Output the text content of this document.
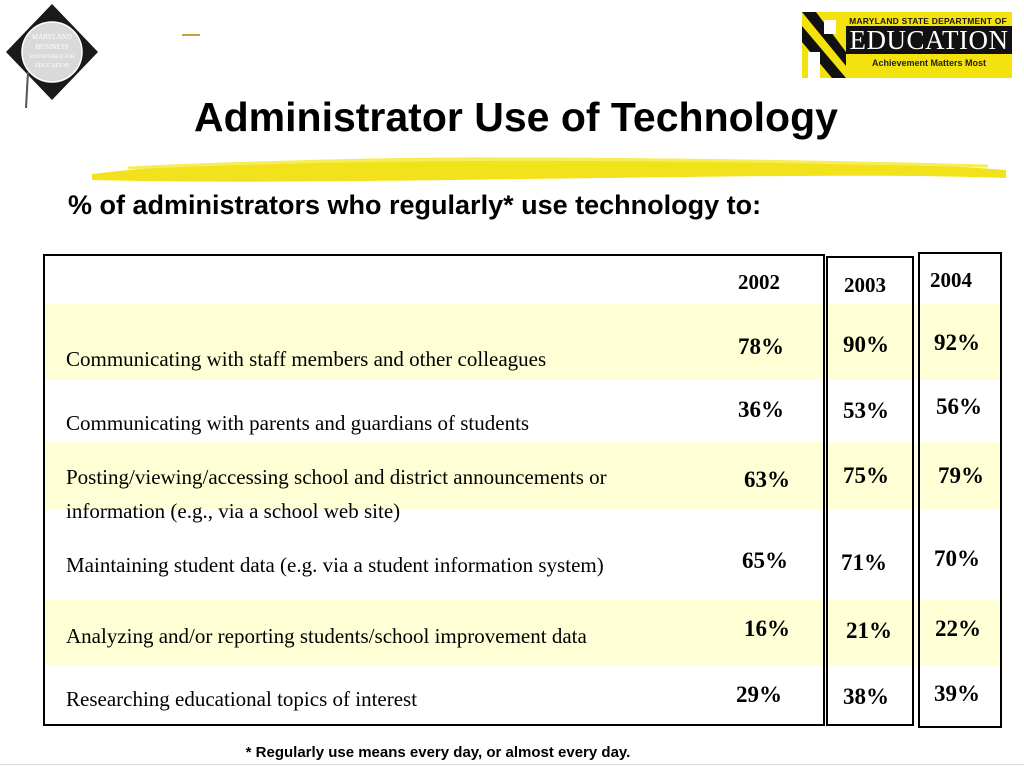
MARYLAND
BUSINESS
ROUNDTABLE FOR
EDUCATION
MARYLAND STATE DEPARTMENT OF
EDUCATION
Achievement Matters Most
Administrator Use of Technology
% of administrators who regularly* use technology to:
2002	2003 2004
Communicating with staff members and other colleagues
Communicating with parents and guardians of students
Posting/viewing/accessing school and district announcements or
information (e.g., via a school web site)
Maintaining student data (e.g. via a student information system)
Analyzing and/or reporting students/school improvement data
Researching educational topics of interest
78%
36%
63%
65%
16%
29%
90%
53%
75%
71%
21%
38%
92%
56%
79%
70%
22%
39%
* Regularly use means every day, or almost every day.
